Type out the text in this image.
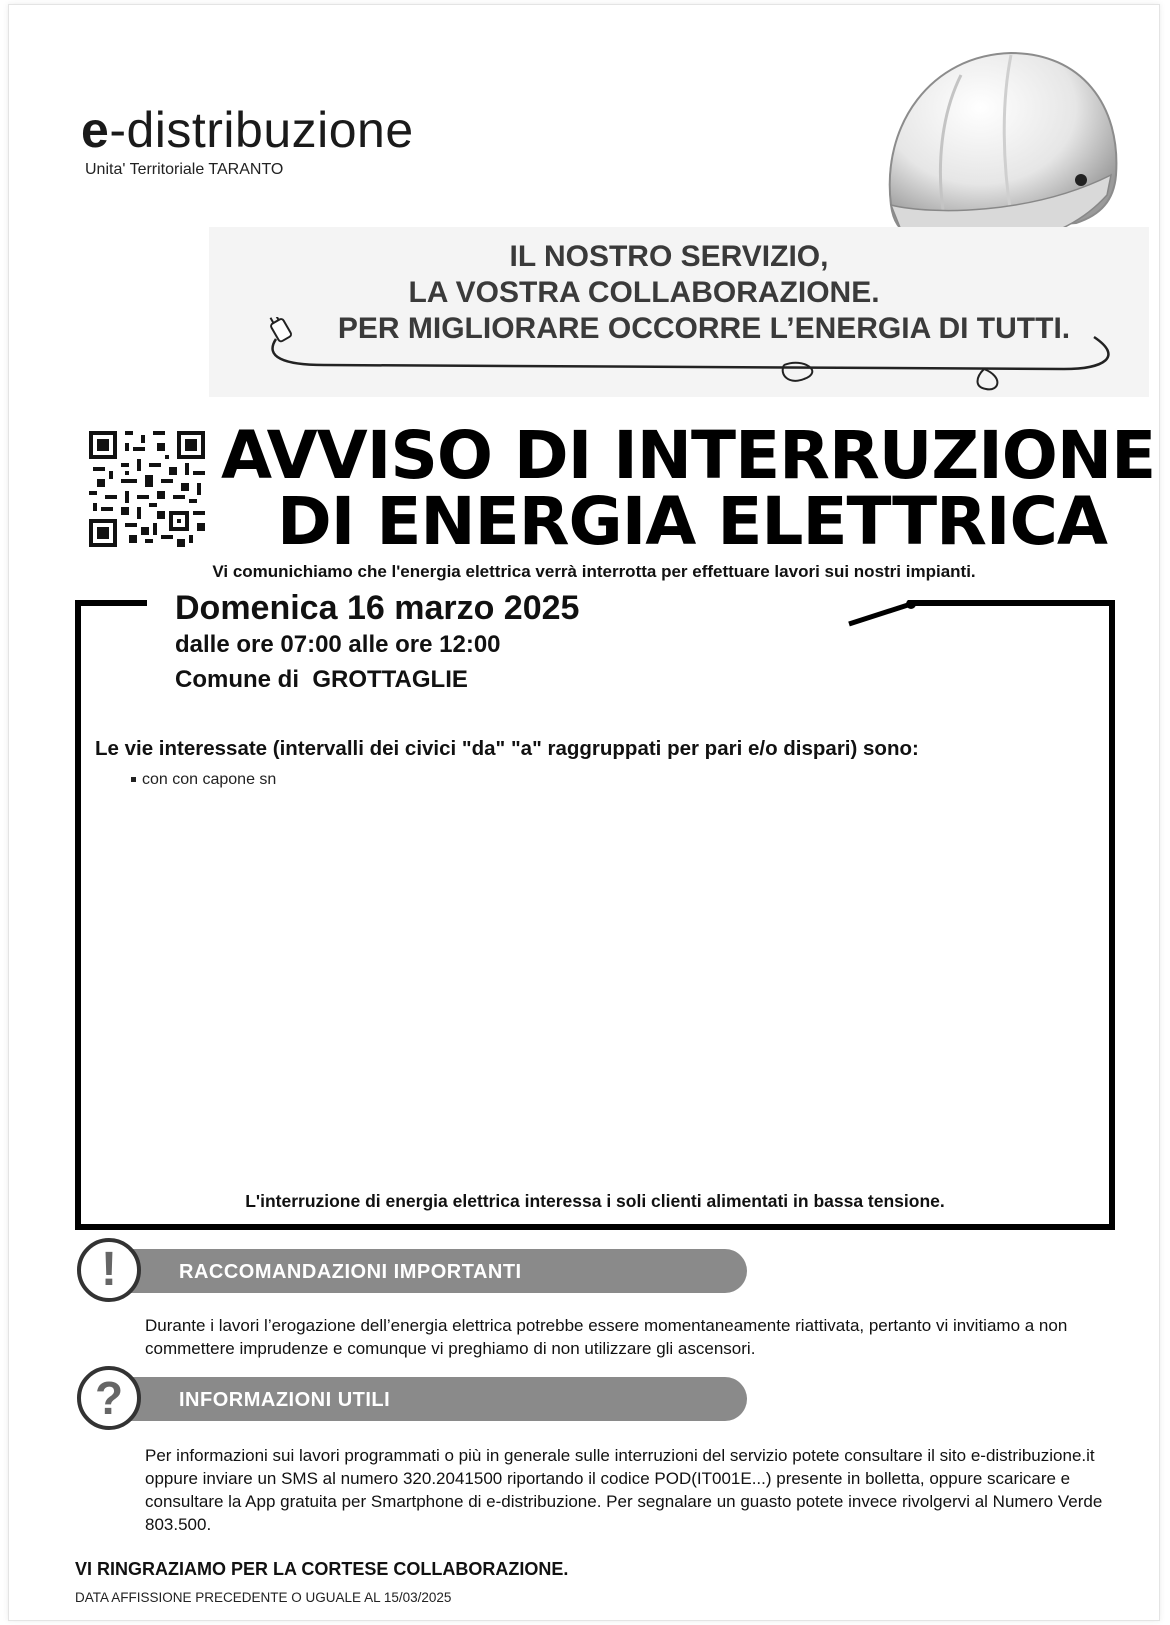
e-distribuzione
Unita' Territoriale TARANTO
IL NOSTRO SERVIZIO,
LA VOSTRA COLLABORAZIONE.
PER MIGLIORARE OCCORRE L’ENERGIA DI TUTTI.
AVVISO DI INTERRUZIONE
DI ENERGIA ELETTRICA
Vi comunichiamo che l'energia elettrica verrà interrotta per effettuare lavori sui nostri impianti.
Domenica 16 marzo 2025
dalle ore 07:00 alle ore 12:00
Comune di  GROTTAGLIE
Le vie interessate (intervalli dei civici "da" "a" raggruppati per pari e/o dispari) sono:
con con capone sn
L'interruzione di energia elettrica interessa i soli clienti alimentati in bassa tensione.
!	RACCOMANDAZIONI IMPORTANTI
Durante i lavori l’erogazione dell’energia elettrica potrebbe essere momentaneamente riattivata, pertanto vi invitiamo a non commettere imprudenze e comunque vi preghiamo di non utilizzare gli ascensori.
?	INFORMAZIONI UTILI
Per informazioni sui lavori programmati o più in generale sulle interruzioni del servizio potete consultare il sito e-distribuzione.it oppure inviare un SMS al numero 320.2041500 riportando il codice POD(IT001E...) presente in bolletta, oppure scaricare e consultare la App gratuita per Smartphone di e-distribuzione. Per segnalare un guasto potete invece rivolgervi al Numero Verde 803.500.
VI RINGRAZIAMO PER LA CORTESE COLLABORAZIONE.
DATA AFFISSIONE PRECEDENTE O UGUALE AL 15/03/2025
